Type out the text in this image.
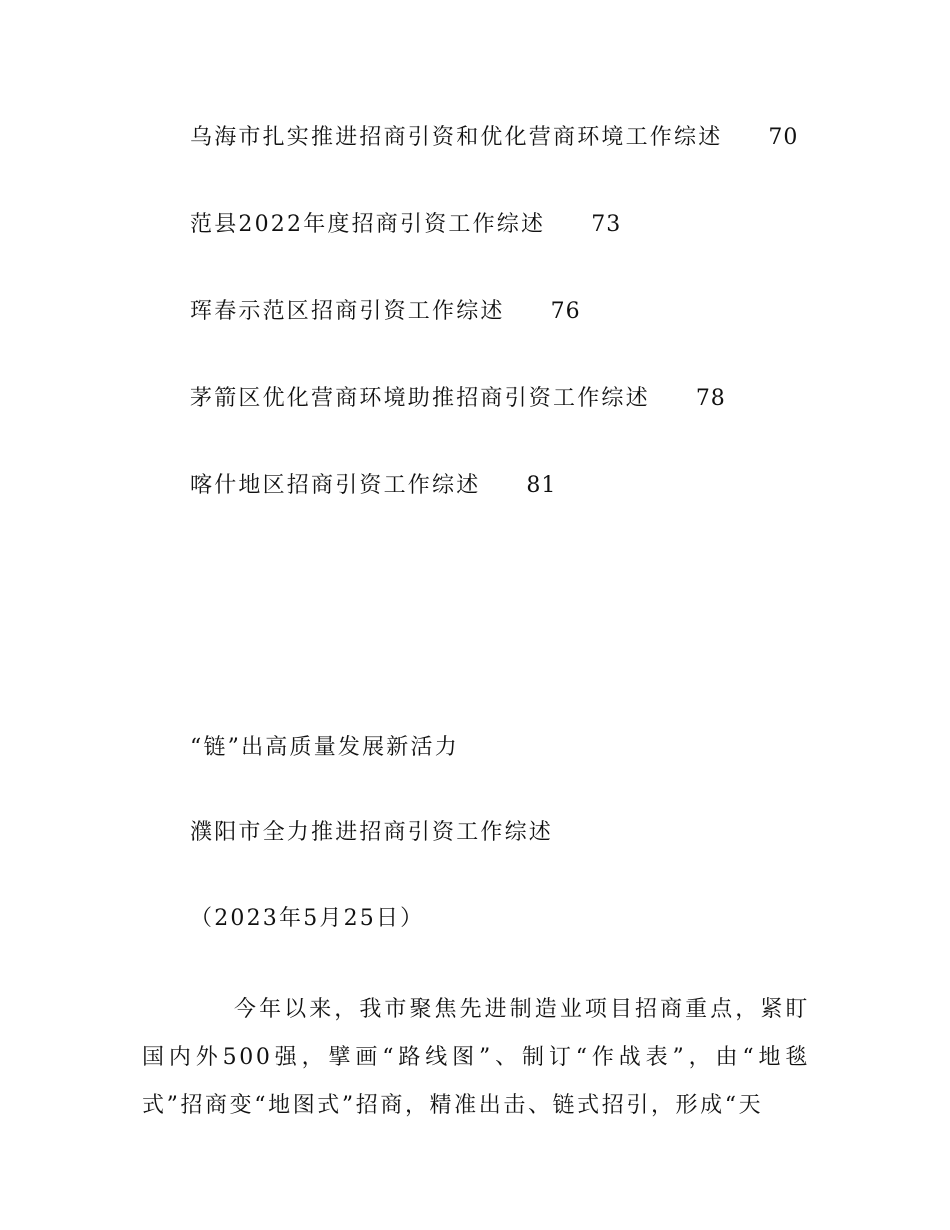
乌海市扎实推进招商引资和优化营商环境工作综述 70
范县2022年度招商引资工作综述 73
珲春示范区招商引资工作综述 76
茅箭区优化营商环境助推招商引资工作综述 78
喀什地区招商引资工作综述 81
“链”出高质量发展新活力
濮阳市全力推进招商引资工作综述
（2023年5月25日）
今年以来，我市聚焦先进制造业项目招商重点，紧盯国内外500强，擘画“路线图”、制订“作战表”，由“地毯式”招商变“地图式”招商，精准出击、链式招引，形成“天
